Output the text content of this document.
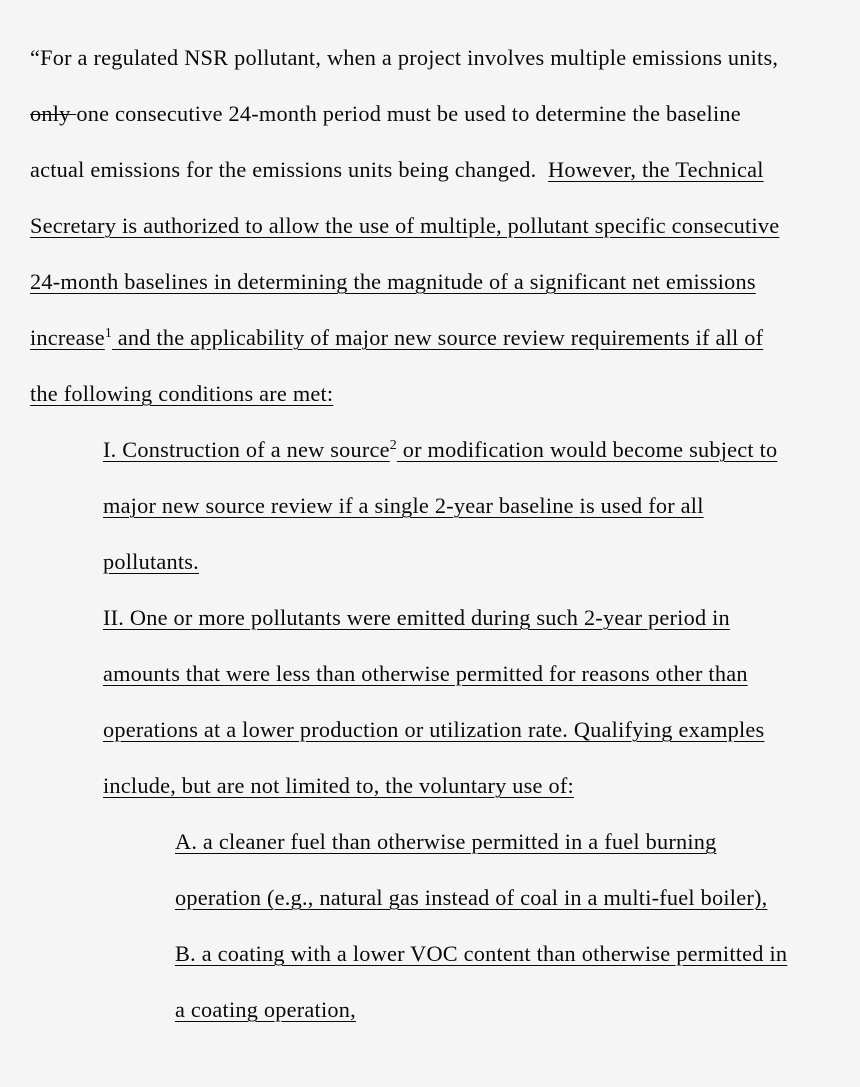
“For a regulated NSR pollutant, when a project involves multiple emissions units,
only one consecutive 24-month period must be used to determine the baseline
actual emissions for the emissions units being changed.  However, the Technical
Secretary is authorized to allow the use of multiple, pollutant specific consecutive
24-month baselines in determining the magnitude of a significant net emissions
increase1 and the applicability of major new source review requirements if all of
the following conditions are met:
I. Construction of a new source2 or modification would become subject to
major new source review if a single 2-year baseline is used for all
pollutants.
II. One or more pollutants were emitted during such 2-year period in
amounts that were less than otherwise permitted for reasons other than
operations at a lower production or utilization rate. Qualifying examples
include, but are not limited to, the voluntary use of:
A. a cleaner fuel than otherwise permitted in a fuel burning
operation (e.g., natural gas instead of coal in a multi-fuel boiler),
B. a coating with a lower VOC content than otherwise permitted in
a coating operation,
